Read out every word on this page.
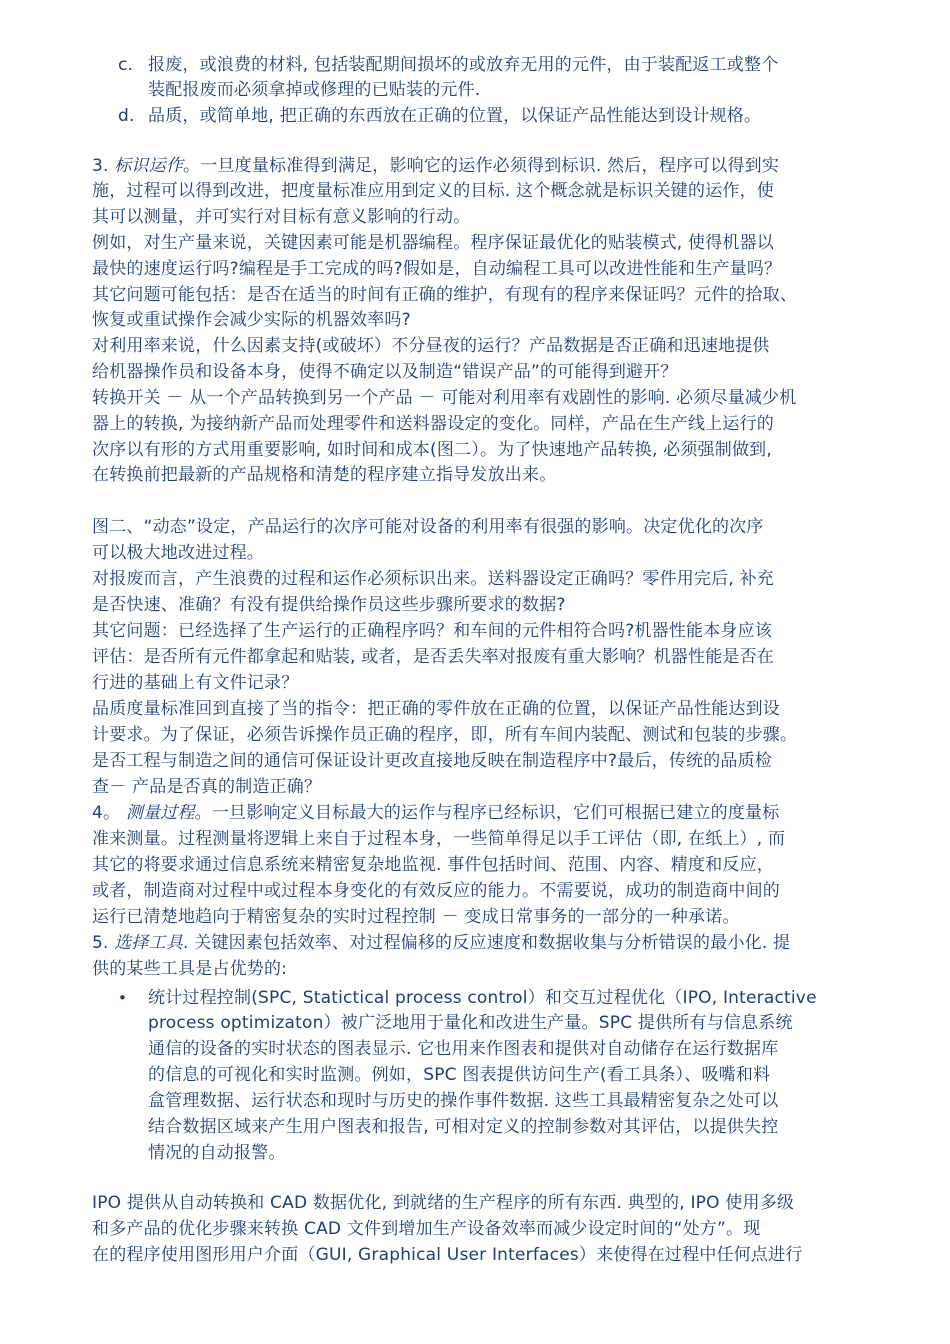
c. 报废，或浪费的材料, 包括装配期间损坏的或放弃无用的元件，由于装配返工或整个
装配报废而必须拿掉或修理的已贴装的元件.
d. 品质，或简单地, 把正确的东西放在正确的位置，以保证产品性能达到设计规格。
3. 标识运作。一旦度量标准得到满足，影响它的运作必须得到标识. 然后，程序可以得到实
施，过程可以得到改进，把度量标准应用到定义的目标. 这个概念就是标识关键的运作，使
其可以测量，并可实行对目标有意义影响的行动。
例如，对生产量来说，关键因素可能是机器编程。程序保证最优化的贴装模式, 使得机器以
最快的速度运行吗?编程是手工完成的吗?假如是，自动编程工具可以改进性能和生产量吗？
其它问题可能包括：是否在适当的时间有正确的维护，有现有的程序来保证吗？元件的拾取、
恢复或重试操作会减少实际的机器效率吗?
对利用率来说，什么因素支持(或破坏）不分昼夜的运行？产品数据是否正确和迅速地提供
给机器操作员和设备本身，使得不确定以及制造“错误产品”的可能得到避开？
转换开关 － 从一个产品转换到另一个产品 － 可能对利用率有戏剧性的影响. 必须尽量减少机
器上的转换, 为接纳新产品而处理零件和送料器设定的变化。同样，产品在生产线上运行的
次序以有形的方式用重要影响, 如时间和成本(图二）。为了快速地产品转换, 必须强制做到,
在转换前把最新的产品规格和清楚的程序建立指导发放出来。
图二、“动态”设定，产品运行的次序可能对设备的利用率有很强的影响。决定优化的次序
可以极大地改进过程。
对报废而言，产生浪费的过程和运作必须标识出来。送料器设定正确吗？零件用完后, 补充
是否快速、准确？有没有提供给操作员这些步骤所要求的数据?
其它问题：已经选择了生产运行的正确程序吗？和车间的元件相符合吗?机器性能本身应该
评估：是否所有元件都拿起和贴装, 或者，是否丢失率对报废有重大影响？机器性能是否在
行进的基础上有文件记录？
品质度量标准回到直接了当的指令：把正确的零件放在正确的位置，以保证产品性能达到设
计要求。为了保证，必须告诉操作员正确的程序，即，所有车间内装配、测试和包装的步骤。
是否工程与制造之间的通信可保证设计更改直接地反映在制造程序中?最后，传统的品质检
查－ 产品是否真的制造正确？
4。 测量过程。一旦影响定义目标最大的运作与程序已经标识，它们可根据已建立的度量标
准来测量。过程测量将逻辑上来自于过程本身，一些简单得足以手工评估（即, 在纸上）, 而
其它的将要求通过信息系统来精密复杂地监视. 事件包括时间、范围、内容、精度和反应，
或者，制造商对过程中或过程本身变化的有效反应的能力。不需要说，成功的制造商中间的
运行已清楚地趋向于精密复杂的实时过程控制 － 变成日常事务的一部分的一种承诺。
5. 选择工具. 关键因素包括效率、对过程偏移的反应速度和数据收集与分析错误的最小化. 提
供的某些工具是占优势的:
• 统计过程控制(SPC, Statictical process control）和交互过程优化（IPO, Interactive
process optimizaton）被广泛地用于量化和改进生产量。SPC 提供所有与信息系统
通信的设备的实时状态的图表显示. 它也用来作图表和提供对自动储存在运行数据库
的信息的可视化和实时监测。例如，SPC 图表提供访问生产(看工具条）、吸嘴和料
盒管理数据、运行状态和现时与历史的操作事件数据. 这些工具最精密复杂之处可以
结合数据区域来产生用户图表和报告, 可相对定义的控制参数对其评估，以提供失控
情况的自动报警。
IPO 提供从自动转换和 CAD 数据优化, 到就绪的生产程序的所有东西. 典型的, IPO 使用多级
和多产品的优化步骤来转换 CAD 文件到增加生产设备效率而减少设定时间的“处方”。现
在的程序使用图形用户介面（GUI, Graphical User Interfaces）来使得在过程中任何点进行
